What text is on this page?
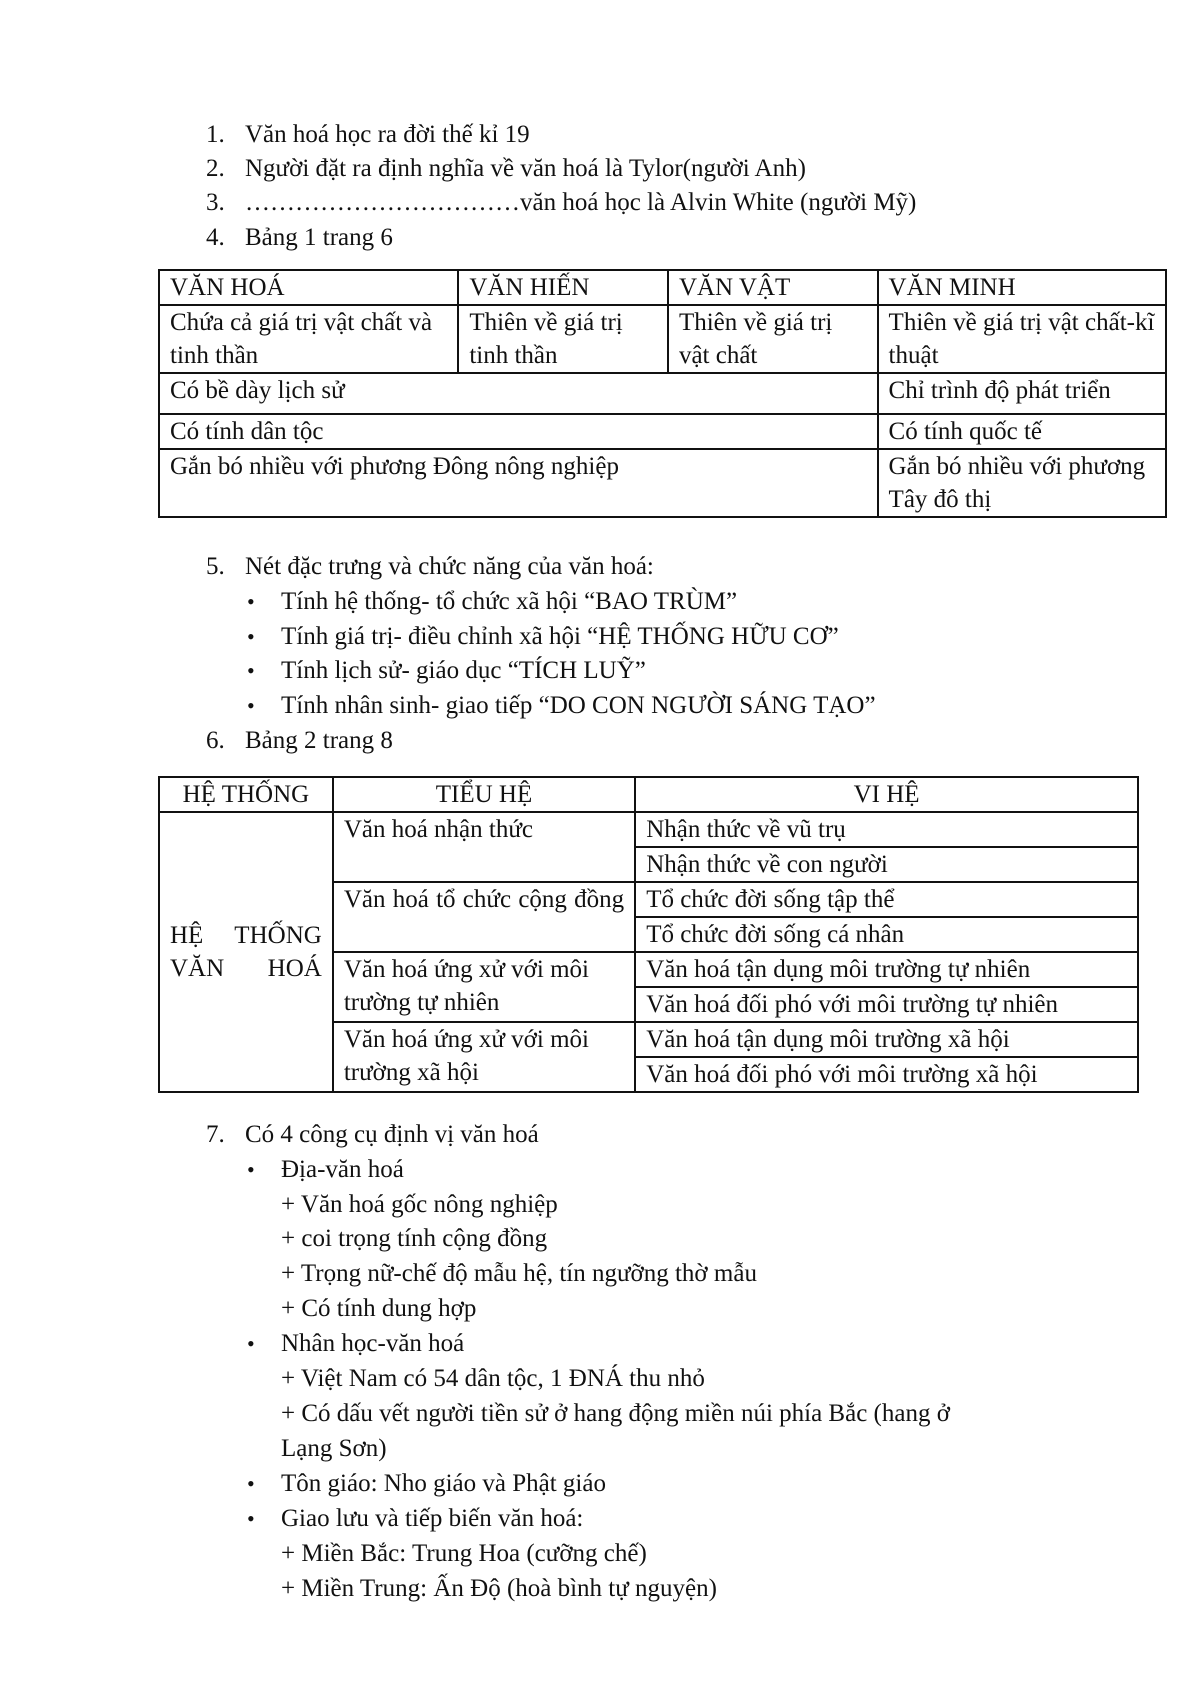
1. Văn hoá học ra đời thế kỉ 19
2. Người đặt ra định nghĩa về văn hoá là Tylor(người Anh)
3. ……………………………văn hoá học là Alvin White (người Mỹ)
4. Bảng 1 trang 6
VĂN HOÁ	VĂN HIẾN	VĂN VẬT	VĂN MINH
Chứa cả giá trị vật chất và tinh thần	Thiên về giá trị tinh thần	Thiên về giá trị vật chất	Thiên về giá trị vật chất-kĩ thuật
Có bề dày lịch sử			Chỉ trình độ phát triển
Có tính dân tộc			Có tính quốc tế
Gắn bó nhiều với phương Đông nông nghiệp			Gắn bó nhiều với phương Tây đô thị
5. Nét đặc trưng và chức năng của văn hoá:
• Tính hệ thống- tổ chức xã hội “BAO TRÙM”
• Tính giá trị- điều chỉnh xã hội “HỆ THỐNG HỮU CƠ”
• Tính lịch sử- giáo dục “TÍCH LUỸ”
• Tính nhân sinh- giao tiếp “DO CON NGƯỜI SÁNG TẠO”
6. Bảng 2 trang 8
HỆ THỐNG	TIỂU HỆ	VI HỆ

HỆ THỐNG VĂN HOÁ	Văn hoá nhận thức	Nhận thức về vũ trụ
		Nhận thức về con người

	Văn hoá tổ chức cộng đồng	Tổ chức đời sống tập thể
		Tổ chức đời sống cá nhân
	Văn hoá ứng xử với môi trường tự nhiên	Văn hoá tận dụng môi trường tự nhiên
		Văn hoá đối phó với môi trường tự nhiên
	Văn hoá ứng xử với môi trường xã hội	Văn hoá tận dụng môi trường xã hội
		Văn hoá đối phó với môi trường xã hội
7. Có 4 công cụ định vị văn hoá
• Địa-văn hoá
+ Văn hoá gốc nông nghiệp
+ coi trọng tính cộng đồng
+ Trọng nữ-chế độ mẫu hệ, tín ngưỡng thờ mẫu
+ Có tính dung hợp
• Nhân học-văn hoá
+ Việt Nam có 54 dân tộc, 1 ĐNÁ thu nhỏ
+ Có dấu vết người tiền sử ở hang động miền núi phía Bắc (hang ở
Lạng Sơn)
• Tôn giáo: Nho giáo và Phật giáo
• Giao lưu và tiếp biến văn hoá:
+ Miền Bắc: Trung Hoa (cưỡng chế)
+ Miền Trung: Ấn Độ (hoà bình tự nguyện)
